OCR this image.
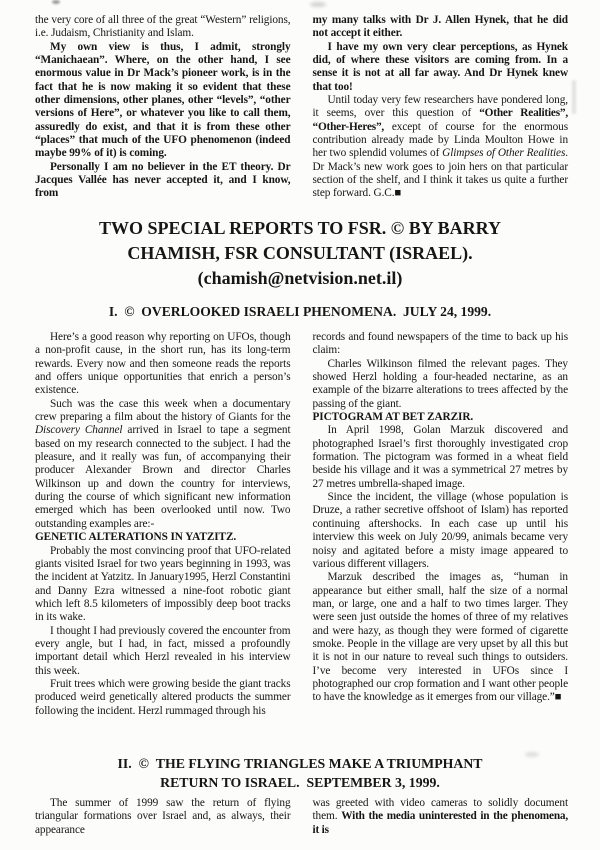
the very core of all three of the great “Western” religions, i.e. Judaism, Christianity and Islam.

My own view is thus, I admit, strongly “Manichaean”. Where, on the other hand, I see enormous value in Dr Mack’s pioneer work, is in the fact that he is now making it so evident that these other dimensions, other planes, other “levels”, “other versions of Here”, or whatever you like to call them, assuredly do exist, and that it is from these other “places” that much of the UFO phenomenon (indeed maybe 99% of it) is coming.

Personally I am no believer in the ET theory. Dr Jacques Vallée has never accepted it, and I know, from

my many talks with Dr J. Allen Hynek, that he did not accept it either.

I have my own very clear perceptions, as Hynek did, of where these visitors are coming from. In a sense it is not at all far away. And Dr Hynek knew that too!

Until today very few researchers have pondered long, it seems, over this question of “Other Realities”, “Other-Heres”, except of course for the enormous contribution already made by Linda Moulton Howe in her two splendid volumes of Glimpses of Other Realities. Dr Mack’s new work goes to join hers on that particular section of the shelf, and I think it takes us quite a further step forward. G.C.■

TWO SPECIAL REPORTS TO FSR. © BY BARRY
CHAMISH, FSR CONSULTANT (ISRAEL).
(chamish@netvision.net.il)
I. © OVERLOOKED ISRAELI PHENOMENA. JULY 24, 1999.

Here’s a good reason why reporting on UFOs, though a non-profit cause, in the short run, has its long-term rewards. Every now and then someone reads the reports and offers unique opportunities that enrich a person’s existence.

Such was the case this week when a documentary crew preparing a film about the history of Giants for the Discovery Channel arrived in Israel to tape a segment based on my research connected to the subject. I had the pleasure, and it really was fun, of accompanying their producer Alexander Brown and director Charles Wilkinson up and down the country for interviews, during the course of which significant new information emerged which has been overlooked until now. Two outstanding examples are:-

GENETIC ALTERATIONS IN YATZITZ.

Probably the most convincing proof that UFO-related giants visited Israel for two years beginning in 1993, was the incident at Yatzitz. In January1995, Herzl Constantini and Danny Ezra witnessed a nine-foot robotic giant which left 8.5 kilometers of impossibly deep boot tracks in its wake.

I thought I had previously covered the encounter from every angle, but I had, in fact, missed a profoundly important detail which Herzl revealed in his interview this week.

Fruit trees which were growing beside the giant tracks produced weird genetically altered products the summer following the incident. Herzl rummaged through his

records and found newspapers of the time to back up his claim:

Charles Wilkinson filmed the relevant pages. They showed Herzl holding a four-headed nectarine, as an example of the bizarre alterations to trees affected by the passing of the giant.

PICTOGRAM AT BET ZARZIR.

In April 1998, Golan Marzuk discovered and photographed Israel’s first thoroughly investigated crop formation. The pictogram was formed in a wheat field beside his village and it was a symmetrical 27 metres by 27 metres umbrella-shaped image.

Since the incident, the village (whose population is Druze, a rather secretive offshoot of Islam) has reported continuing aftershocks. In each case up until his interview this week on July 20/99, animals became very noisy and agitated before a misty image appeared to various different villagers.

Marzuk described the images as, “human in appearance but either small, half the size of a normal man, or large, one and a half to two times larger. They were seen just outside the homes of three of my relatives and were hazy, as though they were formed of cigarette smoke. People in the village are very upset by all this but it is not in our nature to reveal such things to outsiders. I’ve become very interested in UFOs since I photographed our crop formation and I want other people to have the knowledge as it emerges from our village.”■

II. © THE FLYING TRIANGLES MAKE A TRIUMPHANT
RETURN TO ISRAEL. SEPTEMBER 3, 1999.

The summer of 1999 saw the return of flying triangular formations over Israel and, as always, their appearance

was greeted with video cameras to solidly document them. With the media uninterested in the phenomena, it is
